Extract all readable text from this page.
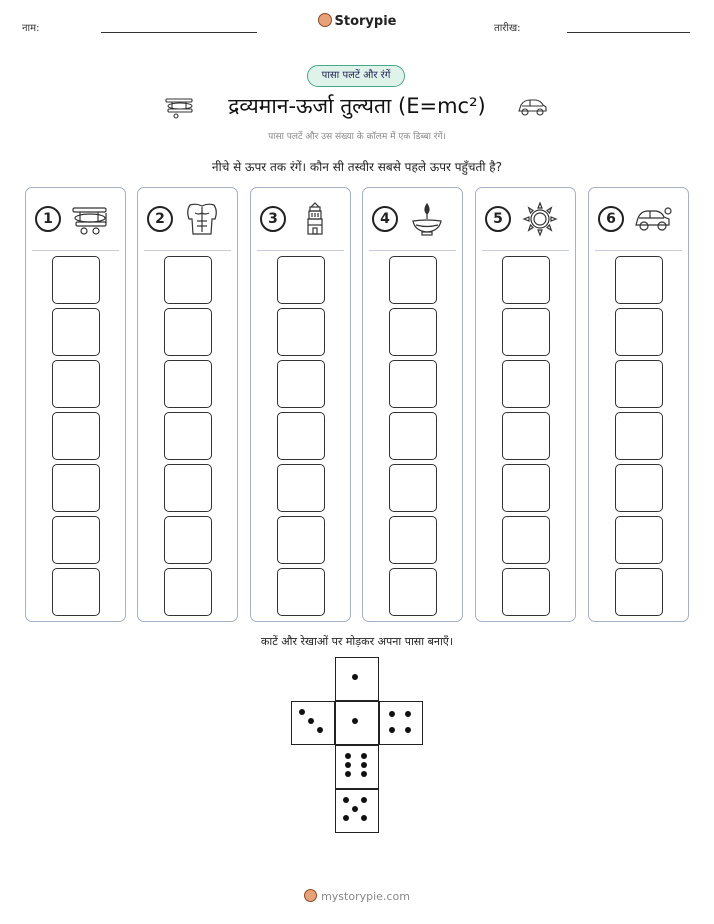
नाम:	Storypie	तारीख:
पासा पलटें और रंगें
द्रव्यमान-ऊर्जा तुल्यता (E=mc²)
पासा पलटें और उस संख्या के कॉलम में एक डिब्बा रंगें।
नीचे से ऊपर तक रंगें। कौन सी तस्वीर सबसे पहले ऊपर पहुँचती है?
1	2	3	4	5	6
काटें और रेखाओं पर मोड़कर अपना पासा बनाएँ।
mystorypie.com
